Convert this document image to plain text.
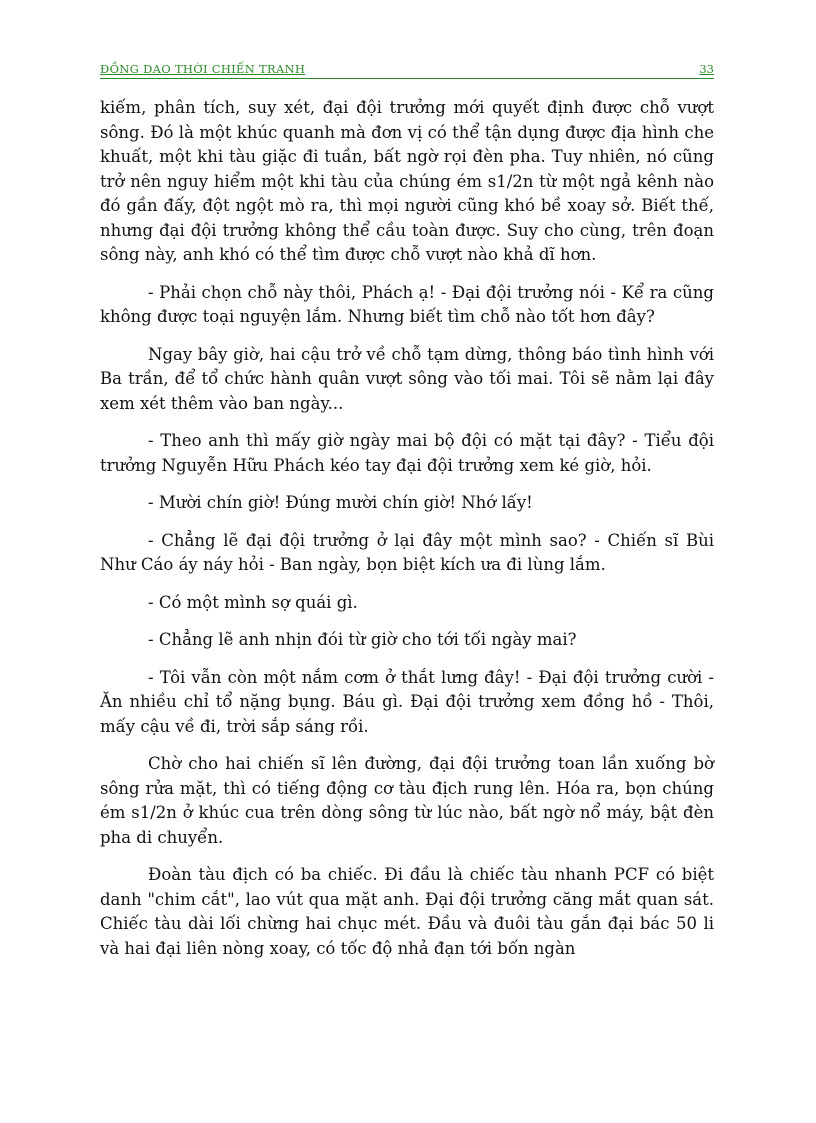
ĐỒNG DAO THỜI CHIẾN TRANH	33

kiếm, phân tích, suy xét, đại đội trưởng mới quyết định được chỗ vượt sông. Đó là một khúc quanh mà đơn vị có thể tận dụng được địa hình che khuất, một khi tàu giặc đi tuần, bất ngờ rọi đèn pha. Tuy nhiên, nó cũng trở nên nguy hiểm một khi tàu của chúng ém s1/2n từ một ngả kênh nào đó gần đấy, đột ngột mò ra, thì mọi người cũng khó bề xoay sở. Biết thế, nhưng đại đội trưởng không thể cầu toàn được. Suy cho cùng, trên đoạn sông này, anh khó có thể tìm được chỗ vượt nào khả dĩ hơn.

- Phải chọn chỗ này thôi, Phách ạ! - Đại đội trưởng nói - Kể ra cũng không được toại nguyện lắm. Nhưng biết tìm chỗ nào tốt hơn đây?

Ngay bây giờ, hai cậu trở về chỗ tạm dừng, thông báo tình hình với Ba trần, để tổ chức hành quân vượt sông vào tối mai. Tôi sẽ nằm lại đây xem xét thêm vào ban ngày...

- Theo anh thì mấy giờ ngày mai bộ đội có mặt tại đây? - Tiểu đội trưởng Nguyễn Hữu Phách kéo tay đại đội trưởng xem ké giờ, hỏi.

- Mười chín giờ! Đúng mười chín giờ! Nhớ lấy!

- Chẳng lẽ đại đội trưởng ở lại đây một mình sao? - Chiến sĩ Bùi Như Cáo áy náy hỏi - Ban ngày, bọn biệt kích ưa đi lùng lắm.

- Có một mình sợ quái gì.

- Chẳng lẽ anh nhịn đói từ giờ cho tới tối ngày mai?

- Tôi vẫn còn một nắm cơm ở thắt lưng đây! - Đại đội trưởng cười - Ăn nhiều chỉ tổ nặng bụng. Báu gì. Đại đội trưởng xem đồng hồ - Thôi, mấy cậu về đi, trời sắp sáng rồi.

Chờ cho hai chiến sĩ lên đường, đại đội trưởng toan lần xuống bờ sông rửa mặt, thì có tiếng động cơ tàu địch rung lên. Hóa ra, bọn chúng ém s1/2n ở khúc cua trên dòng sông từ lúc nào, bất ngờ nổ máy, bật đèn pha di chuyển.

Đoàn tàu địch có ba chiếc. Đi đầu là chiếc tàu nhanh PCF có biệt danh "chim cắt", lao vút qua mặt anh. Đại đội trưởng căng mắt quan sát. Chiếc tàu dài lối chừng hai chục mét. Đầu và đuôi tàu gắn đại bác 50 li và hai đại liên nòng xoay, có tốc độ nhả đạn tới bốn ngàn
